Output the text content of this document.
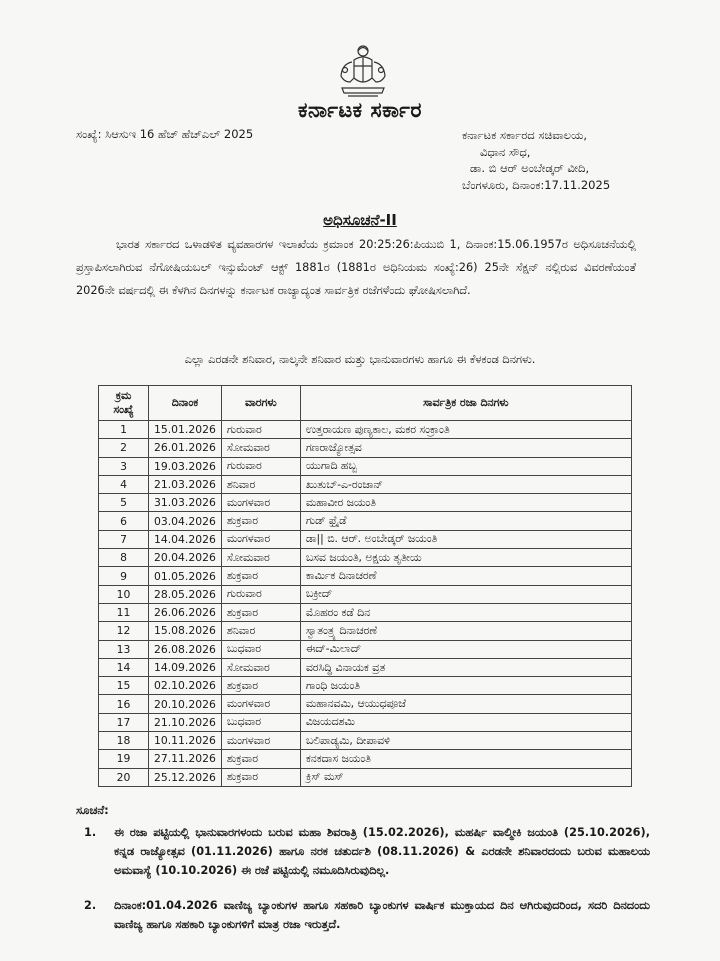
ಕರ್ನಾಟಕ ಸರ್ಕಾರ
ಸಂಖ್ಯೆ: ಸಿಆಸುಇ 16 ಹೆಚ್ ಹೆಚ್ಎಲ್ 2025	ಕರ್ನಾಟಕ ಸರ್ಕಾರದ ಸಚಿವಾಲಯ,
ವಿಧಾನ ಸೌಧ,
ಡಾ. ಬಿ ಆರ್ ಅಂಬೇಡ್ಕರ್ ವೀದಿ,
ಬೆಂಗಳೂರು, ದಿನಾಂಕ:17.11.2025
ಅಧಿಸೂಚನೆ-II
ಭಾರತ ಸರ್ಕಾರದ ಒಳಾಡಳಿತ ವ್ಯವಹಾರಗಳ ಇಲಾಖೆಯ ಕ್ರಮಾಂಕ 20:25:26:ಪಿಯುಬಿ 1, ದಿನಾಂಕ:15.06.1957ರ ಅಧಿಸೂಚನೆಯಲ್ಲಿ ಪ್ರಸ್ತಾಪಿಸಲಾಗಿರುವ ನೆಗೋಷಿಯಬಲ್ ಇನ್ಸುಮೆಂಟ್ ಆಕ್ಟ್ 1881ರ (1881ರ ಅಧಿನಿಯಮ ಸಂಖ್ಯೆ:26) 25ನೇ ಸೆಕ್ಷನ್ ನಲ್ಲಿರುವ ವಿವರಣೆಯಂತೆ 2026ನೇ ವರ್ಷದಲ್ಲಿ ಈ ಕೆಳಗಿನ ದಿನಗಳನ್ನು ಕರ್ನಾಟಕ ರಾಜ್ಯಾದ್ಯಂತ ಸಾರ್ವತ್ರಿಕ ರಜೆಗಳೆಂದು ಘೋಷಿಸಲಾಗಿದೆ.
ಎಲ್ಲಾ ಎರಡನೇ ಶನಿವಾರ, ನಾಲ್ಕನೇ ಶನಿವಾರ ಮತ್ತು ಭಾನುವಾರಗಳು ಹಾಗೂ ಈ ಕೆಳಕಂಡ ದಿನಗಳು.
ಕ್ರಮ ಸಂಖ್ಯೆ	ದಿನಾಂಕ	ವಾರಗಳು	ಸಾರ್ವತ್ರಿಕ ರಜಾ ದಿನಗಳು
1	15.01.2026	ಗುರುವಾರ	ಉತ್ತರಾಯಣ ಪುಣ್ಯಕಾಲ, ಮಕರ ಸಂಕ್ರಾಂತಿ
2	26.01.2026	ಸೋಮವಾರ	ಗಣರಾಜ್ಯೋತ್ಸವ
3	19.03.2026	ಗುರುವಾರ	ಯುಗಾದಿ ಹಬ್ಬ
4	21.03.2026	ಶನಿವಾರ	ಖುತುಬ್-ಎ-ರಂಜಾನ್
5	31.03.2026	ಮಂಗಳವಾರ	ಮಹಾವೀರ ಜಯಂತಿ
6	03.04.2026	ಶುಕ್ರವಾರ	ಗುಡ್ ಫ್ರೈಡೆ
7	14.04.2026	ಮಂಗಳವಾರ	ಡಾ|| ಬಿ. ಆರ್. ಅಂಬೇಡ್ಕರ್ ಜಯಂತಿ
8	20.04.2026	ಸೋಮವಾರ	ಬಸವ ಜಯಂತಿ, ಅಕ್ಷಯ ತೃತೀಯ
9	01.05.2026	ಶುಕ್ರವಾರ	ಕಾರ್ಮಿಕ ದಿನಾಚರಣೆ
10	28.05.2026	ಗುರುವಾರ	ಬಕ್ರೀದ್
11	26.06.2026	ಶುಕ್ರವಾರ	ಮೊಹರಂ ಕಡೆ ದಿನ
12	15.08.2026	ಶನಿವಾರ	ಸ್ವಾತಂತ್ರ್ಯ ದಿನಾಚರಣೆ
13	26.08.2026	ಬುಧವಾರ	ಈದ್-ಮಿಲಾದ್
14	14.09.2026	ಸೋಮವಾರ	ವರಸಿದ್ಧಿ ವಿನಾಯಕ ವ್ರತ
15	02.10.2026	ಶುಕ್ರವಾರ	ಗಾಂಧಿ ಜಯಂತಿ
16	20.10.2026	ಮಂಗಳವಾರ	ಮಹಾನವಮಿ, ಆಯುಧಪೂಜೆ
17	21.10.2026	ಬುಧವಾರ	ವಿಜಯದಶಮಿ
18	10.11.2026	ಮಂಗಳವಾರ	ಬಲಿಪಾಡ್ಯಮಿ, ದೀಪಾವಳಿ
19	27.11.2026	ಶುಕ್ರವಾರ	ಕನಕದಾಸ ಜಯಂತಿ
20	25.12.2026	ಶುಕ್ರವಾರ	ಕ್ರಿಸ್ ಮಸ್
ಸೂಚನೆ:
1. ಈ ರಜಾ ಪಟ್ಟಿಯಲ್ಲಿ ಭಾನುವಾರಗಳಂದು ಬರುವ ಮಹಾ ಶಿವರಾತ್ರಿ (15.02.2026), ಮಹರ್ಷಿ ವಾಲ್ಮೀಕಿ ಜಯಂತಿ (25.10.2026), ಕನ್ನಡ ರಾಜ್ಯೋತ್ಸವ (01.11.2026) ಹಾಗೂ ನರಕ ಚತುರ್ದಶಿ (08.11.2026) & ಎರಡನೇ ಶನಿವಾರದಂದು ಬರುವ ಮಹಾಲಯ ಅಮವಾಸ್ಯೆ (10.10.2026) ಈ ರಜೆ ಪಟ್ಟಿಯಲ್ಲಿ ನಮೂದಿಸಿರುವುದಿಲ್ಲ.
2. ದಿನಾಂಕ:01.04.2026 ವಾಣಿಜ್ಯ ಬ್ಯಾಂಕುಗಳ ಹಾಗೂ ಸಹಕಾರಿ ಬ್ಯಾಂಕುಗಳ ವಾರ್ಷಿಕ ಮುಕ್ತಾಯದ ದಿನ ಆಗಿರುವುದರಿಂದ, ಸದರಿ ದಿನದಂದು ವಾಣಿಜ್ಯ ಹಾಗೂ ಸಹಕಾರಿ ಬ್ಯಾಂಕುಗಳಿಗೆ ಮಾತ್ರ ರಜಾ ಇರುತ್ತದೆ.
